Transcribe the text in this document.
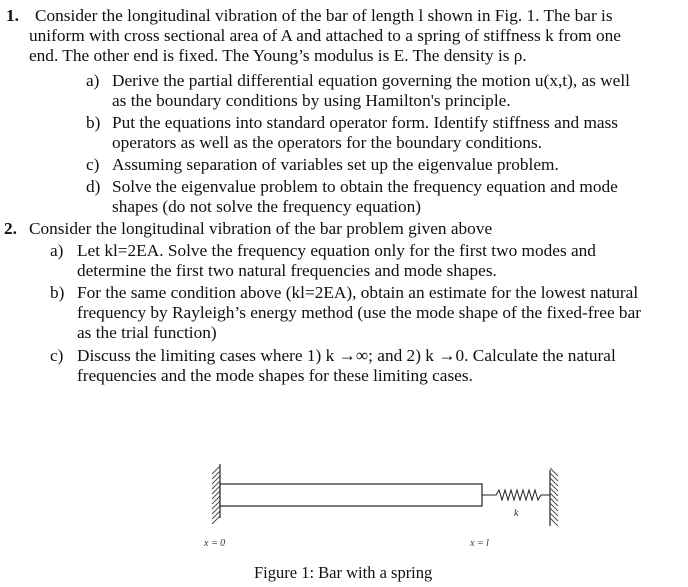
1. Consider the longitudinal vibration of the bar of length l shown in Fig. 1. The bar is
uniform with cross sectional area of A and attached to a spring of stiffness k from one
end. The other end is fixed. The Young’s modulus is E. The density is ρ.
a) Derive the partial differential equation governing the motion u(x,t), as well
as the boundary conditions by using Hamilton's principle.
b) Put the equations into standard operator form. Identify stiffness and mass
operators as well as the operators for the boundary conditions.
c) Assuming separation of variables set up the eigenvalue problem.
d) Solve the eigenvalue problem to obtain the frequency equation and mode
shapes (do not solve the frequency equation)
2. Consider the longitudinal vibration of the bar problem given above
a) Let kl=2EA. Solve the frequency equation only for the first two modes and
determine the first two natural frequencies and mode shapes.
b) For the same condition above (kl=2EA), obtain an estimate for the lowest natural
frequency by Rayleigh’s energy method (use the mode shape of the fixed-free bar
as the trial function)
c) Discuss the limiting cases where 1) k →∞; and 2) k →0. Calculate the natural
frequencies and the mode shapes for these limiting cases.
k
x = 0	x = l
Figure 1: Bar with a spring
